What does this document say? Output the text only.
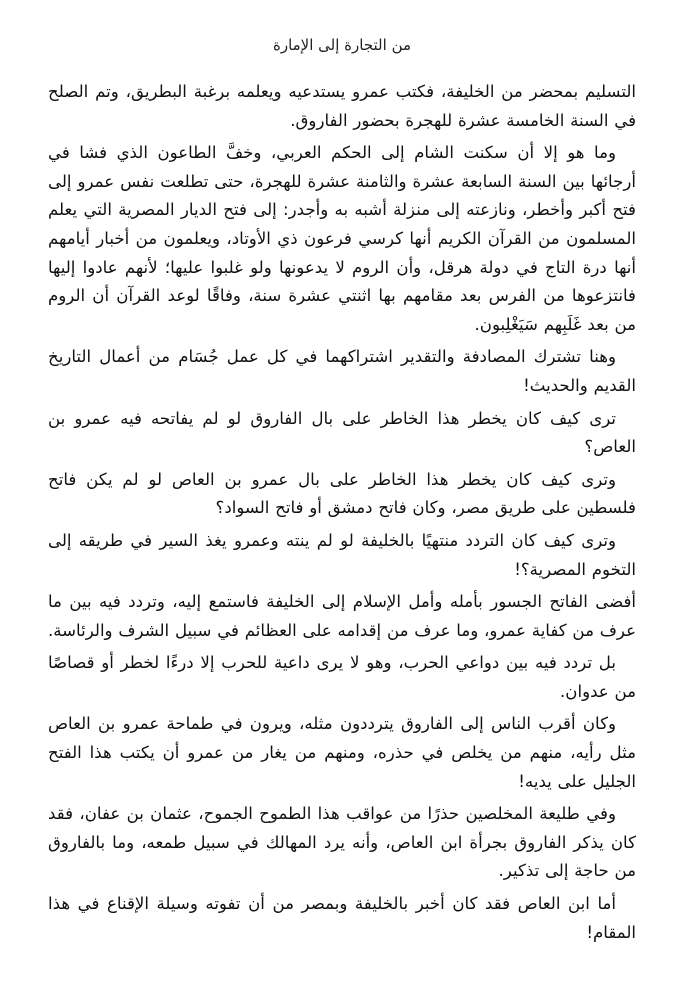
من التجارة إلى الإمارة

التسليم بمحضر من الخليفة، فكتب عمرو يستدعيه ويعلمه برغبة البطريق، وتم الصلح في السنة الخامسة عشرة للهجرة بحضور الفاروق.

وما هو إلا أن سكنت الشام إلى الحكم العربي، وخفَّ الطاعون الذي فشا في أرجائها بين السنة السابعة عشرة والثامنة عشرة للهجرة، حتى تطلعت نفس عمرو إلى فتح أكبر وأخطر، ونازعته إلى منزلة أشبه به وأجدر: إلى فتح الديار المصرية التي يعلم المسلمون من القرآن الكريم أنها كرسي فرعون ذي الأوتاد، ويعلمون من أخبار أيامهم أنها درة التاج في دولة هرقل، وأن الروم لا يدعونها ولو غلبوا عليها؛ لأنهم عادوا إليها فانتزعوها من الفرس بعد مقامهم بها اثنتي عشرة سنة، وفاقًا لوعد القرآن أن الروم من بعد غَلَبِهم سَيَغْلِبون.

وهنا تشترك المصادفة والتقدير اشتراكهما في كل عمل جُسَام من أعمال التاريخ القديم والحديث!

ترى كيف كان يخطر هذا الخاطر على بال الفاروق لو لم يفاتحه فيه عمرو بن العاص؟

وترى كيف كان يخطر هذا الخاطر على بال عمرو بن العاص لو لم يكن فاتح فلسطين على طريق مصر، وكان فاتح دمشق أو فاتح السواد؟

وترى كيف كان التردد منتهيًا بالخليفة لو لم ينته وعمرو يغذ السير في طريقه إلى التخوم المصرية؟!

أفضى الفاتح الجسور بأمله وأمل الإسلام إلى الخليفة فاستمع إليه، وتردد فيه بين ما عرف من كفاية عمرو، وما عرف من إقدامه على العظائم في سبيل الشرف والرئاسة.

بل تردد فيه بين دواعي الحرب، وهو لا يرى داعية للحرب إلا درءًا لخطر أو قصاصًا من عدوان.

وكان أقرب الناس إلى الفاروق يترددون مثله، ويرون في طماحة عمرو بن العاص مثل رأيه، منهم من يخلص في حذره، ومنهم من يغار من عمرو أن يكتب هذا الفتح الجليل على يديه!

وفي طليعة المخلصين حذرًا من عواقب هذا الطموح الجموح، عثمان بن عفان، فقد كان يذكر الفاروق بجرأة ابن العاص، وأنه يرد المهالك في سبيل طمعه، وما بالفاروق من حاجة إلى تذكير.

أما ابن العاص فقد كان أخبر بالخليفة وبمصر من أن تفوته وسيلة الإقناع في هذا المقام!
